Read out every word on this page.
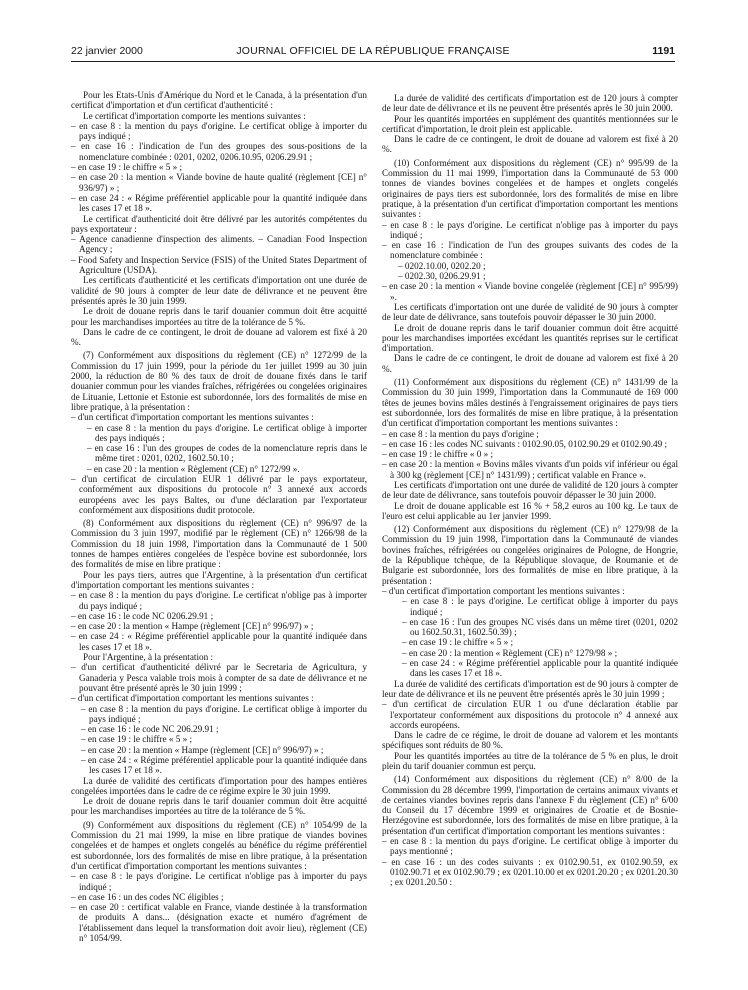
22 janvier 2000	JOURNAL OFFICIEL DE LA RÉPUBLIQUE FRANÇAISE	1191

Pour les Etats-Unis d'Amérique du Nord et le Canada, à la présentation d'un certificat d'importation et d'un certificat d'authenticité :

Le certificat d'importation comporte les mentions suivantes :

– en case 8 : la mention du pays d'origine. Le certificat oblige à importer du pays indiqué ;
– en case 16 : l'indication de l'un des groupes des sous-positions de la nomenclature combinée : 0201, 0202, 0206.10.95, 0206.29.91 ;
– en case 19 : le chiffre « 5 » ;
– en case 20 : la mention « Viande bovine de haute qualité (règlement [CE] n° 936/97) » ;
– en case 24 : « Régime préférentiel applicable pour la quantité indiquée dans les cases 17 et 18 ».

Le certificat d'authenticité doit être délivré par les autorités compétentes du pays exportateur :

– Agence canadienne d'inspection des aliments. – Canadian Food Inspection Agency ;
– Food Safety and Inspection Service (FSIS) of the United States Department of Agriculture (USDA).

Les certificats d'authenticité et les certificats d'importation ont une durée de validité de 90 jours à compter de leur date de délivrance et ne peuvent être présentés après le 30 juin 1999.

Le droit de douane repris dans le tarif douanier commun doit être acquitté pour les marchandises importées au titre de la tolérance de 5 %.

Dans le cadre de ce contingent, le droit de douane ad valorem est fixé à 20 %.

(7) Conformément aux dispositions du règlement (CE) n° 1272/99 de la Commission du 17 juin 1999, pour la période du 1er juillet 1999 au 30 juin 2000, la réduction de 80 % des taux de droit de douane fixés dans le tarif douanier commun pour les viandes fraîches, réfrigérées ou congelées originaires de Lituanie, Lettonie et Estonie est subordonnée, lors des formalités de mise en libre pratique, à la présentation :

– d'un certificat d'importation comportant les mentions suivantes :
– en case 8 : la mention du pays d'origine. Le certificat oblige à importer des pays indiqués ;
– en case 16 : l'un des groupes de codes de la nomenclature repris dans le même tiret : 0201, 0202, 1602.50.10 ;
– en case 20 : la mention « Règlement (CE) n° 1272/99 ».
– d'un certificat de circulation EUR 1 délivré par le pays exportateur, conformément aux dispositions du protocole n° 3 annexé aux accords européens avec les pays Baltes, ou d'une déclaration par l'exportateur conformément aux dispositions dudit protocole.

(8) Conformément aux dispositions du règlement (CE) n° 996/97 de la Commission du 3 juin 1997, modifié par le règlement (CE) n° 1266/98 de la Commission du 18 juin 1998, l'importation dans la Communauté de 1 500 tonnes de hampes entières congelées de l'espèce bovine est subordonnée, lors des formalités de mise en libre pratique :

Pour les pays tiers, autres que l'Argentine, à la présentation d'un certificat d'importation comportant les mentions suivantes :

– en case 8 : la mention du pays d'origine. Le certificat n'oblige pas à importer du pays indiqué ;
– en case 16 : le code NC 0206.29.91 ;
– en case 20 : la mention « Hampe (règlement [CE] n° 996/97) » ;
– en case 24 : « Régime préférentiel applicable pour la quantité indiquée dans les cases 17 et 18 ».

Pour l'Argentine, à la présentation :

– d'un certificat d'authenticité délivré par le Secretaria de Agricultura, y Ganaderia y Pesca valable trois mois à compter de sa date de délivrance et ne pouvant être présenté après le 30 juin 1999 ;
– d'un certificat d'importation comportant les mentions suivantes :
– en case 8 : la mention du pays d'origine. Le certificat oblige à importer du pays indiqué ;
– en case 16 : le code NC 206.29.91 ;
– en case 19 : le chiffre « 5 » ;
– en case 20 : la mention « Hampe (règlement [CE] n° 996/97) » ;
– en case 24 : « Régime préférentiel applicable pour la quantité indiquée dans les cases 17 et 18 ».

La durée de validité des certificats d'importation pour des hampes entières congelées importées dans le cadre de ce régime expire le 30 juin 1999.

Le droit de douane repris dans le tarif douanier commun doit être acquitté pour les marchandises importées au titre de la tolérance de 5 %.

(9) Conformément aux dispositions du règlement (CE) n° 1054/99 de la Commission du 21 mai 1999, la mise en libre pratique de viandes bovines congelées et de hampes et onglets congelés au bénéfice du régime préférentiel est subordonnée, lors des formalités de mise en libre pratique, à la présentation d'un certificat d'importation comportant les mentions suivantes :

– en case 8 : le pays d'origine. Le certificat n'oblige pas à importer du pays indiqué ;
– en case 16 : un des codes NC éligibles ;
– en case 20 : certificat valable en France, viande destinée à la transformation de produits A dans... (désignation exacte et numéro d'agrément de l'établissement dans lequel la transformation doit avoir lieu), règlement (CE) n° 1054/99.

La durée de validité des certificats d'importation est de 120 jours à compter de leur date de délivrance et ils ne peuvent être présentés après le 30 juin 2000.

Pour les quantités importées en supplément des quantités mentionnées sur le certificat d'importation, le droit plein est applicable.

Dans le cadre de ce contingent, le droit de douane ad valorem est fixé à 20 %.

(10) Conformément aux dispositions du règlement (CE) n° 995/99 de la Commission du 11 mai 1999, l'importation dans la Communauté de 53 000 tonnes de viandes bovines congelées et de hampes et onglets congelés originaires de pays tiers est subordonnée, lors des formalités de mise en libre pratique, à la présentation d'un certificat d'importation comportant les mentions suivantes :

– en case 8 : le pays d'origine. Le certificat n'oblige pas à importer du pays indiqué ;
– en case 16 : l'indication de l'un des groupes suivants des codes de la nomenclature combinée :
– 0202.10.00, 0202.20 ;
– 0202.30, 0206.29.91 ;
– en case 20 : la mention « Viande bovine congelée (règlement [CE] n° 995/99) ».

Les certificats d'importation ont une durée de validité de 90 jours à compter de leur date de délivrance, sans toutefois pouvoir dépasser le 30 juin 2000.

Le droit de douane repris dans le tarif douanier commun doit être acquitté pour les marchandises importées excédant les quantités reprises sur le certificat d'importation.

Dans le cadre de ce contingent, le droit de douane ad valorem est fixé à 20 %.

(11) Conformément aux dispositions du règlement (CE) n° 1431/99 de la Commission du 30 juin 1999, l'importation dans la Communauté de 169 000 têtes de jeunes bovins mâles destinés à l'engraissement originaires de pays tiers est subordonnée, lors des formalités de mise en libre pratique, à la présentation d'un certificat d'importation comportant les mentions suivantes :

– en case 8 : la mention du pays d'origine ;
– en case 16 : les codes NC suivants : 0102.90.05, 0102.90.29 et 0102.90.49 ;
– en case 19 : le chiffre « 0 » ;
– en case 20 : la mention « Bovins mâles vivants d'un poids vif inférieur ou égal à 300 kg (règlement [CE] n° 1431/99) ; certificat valable en France ».

Les certificats d'importation ont une durée de validité de 120 jours à compter de leur date de délivrance, sans toutefois pouvoir dépasser le 30 juin 2000.

Le droit de douane applicable est 16 % + 58,2 euros au 100 kg. Le taux de l'euro est celui applicable au 1er janvier 1999.

(12) Conformément aux dispositions du règlement (CE) n° 1279/98 de la Commission du 19 juin 1998, l'importation dans la Communauté de viandes bovines fraîches, réfrigérées ou congelées originaires de Pologne, de Hongrie, de la République tchèque, de la République slovaque, de Roumanie et de Bulgarie est subordonnée, lors des formalités de mise en libre pratique, à la présentation :

– d'un certificat d'importation comportant les mentions suivantes :
– en case 8 : le pays d'origine. Le certificat oblige à importer du pays indiqué ;
– en case 16 : l'un des groupes NC visés dans un même tiret (0201, 0202 ou 1602.50.31, 1602.50.39) ;
– en case 19 : le chiffre « 5 » ;
– en case 20 : la mention « Règlement (CE) n° 1279/98 » ;
– en case 24 : « Régime préférentiel applicable pour la quantité indiquée dans les cases 17 et 18 ».

La durée de validité des certificats d'importation est de 90 jours à compter de leur date de délivrance et ils ne peuvent être présentés après le 30 juin 1999 ;

– d'un certificat de circulation EUR 1 ou d'une déclaration établie par l'exportateur conformément aux dispositions du protocole n° 4 annexé aux accords européens.

Dans le cadre de ce régime, le droit de douane ad valorem et les montants spécifiques sont réduits de 80 %.

Pour les quantités importées au titre de la tolérance de 5 % en plus, le droit plein du tarif douanier commun est perçu.

(14) Conformément aux dispositions du règlement (CE) n° 8/00 de la Commission du 28 décembre 1999, l'importation de certains animaux vivants et de certaines viandes bovines repris dans l'annexe F du règlement (CE) n° 6/00 du Conseil du 17 décembre 1999 et originaires de Croatie et de Bosnie-Herzégovine est subordonnée, lors des formalités de mise en libre pratique, à la présentation d'un certificat d'importation comportant les mentions suivantes :

– en case 8 : la mention du pays d'origine. Le certificat oblige à importer du pays mentionné ;
– en case 16 : un des codes suivants : ex 0102.90.51, ex 0102.90.59, ex 0102.90.71 et ex 0102.90.79 ; ex 0201.10.00 et ex 0201.20.20 ; ex 0201.20.30 ; ex 0201.20.50 :
